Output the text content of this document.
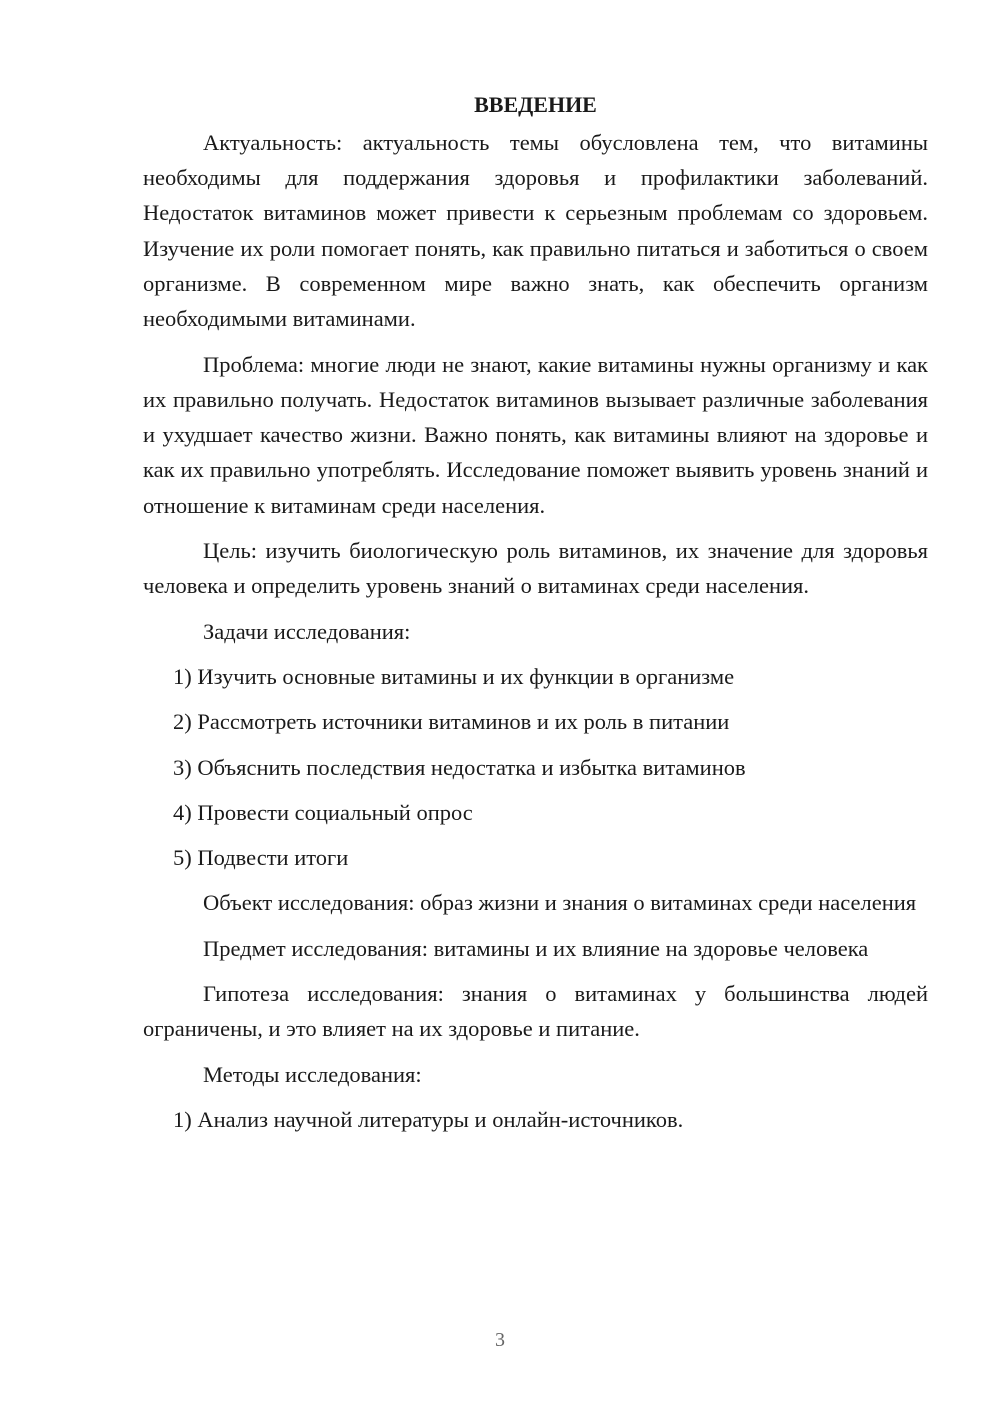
ВВЕДЕНИЕ

Актуальность: актуальность темы обусловлена тем, что витамины необходимы для поддержания здоровья и профилактики заболеваний. Недостаток витаминов может привести к серьезным проблемам со здоровьем. Изучение их роли помогает понять, как правильно питаться и заботиться о своем организме. В современном мире важно знать, как обеспечить организм необходимыми витаминами.

Проблема: многие люди не знают, какие витамины нужны организму и как их правильно получать. Недостаток витаминов вызывает различные заболевания и ухудшает качество жизни. Важно понять, как витамины влияют на здоровье и как их правильно употреблять. Исследование поможет выявить уровень знаний и отношение к витаминам среди населения.

Цель: изучить биологическую роль витаминов, их значение для здоровья человека и определить уровень знаний о витаминах среди населения.

Задачи исследования:
1) Изучить основные витамины и их функции в организме
2) Рассмотреть источники витаминов и их роль в питании
3) Объяснить последствия недостатка и избытка витаминов
4) Провести социальный опрос
5) Подвести итоги

Объект исследования: образ жизни и знания о витаминах среди населения

Предмет исследования: витамины и их влияние на здоровье человека

Гипотеза исследования: знания о витаминах у большинства людей ограничены, и это влияет на их здоровье и питание.

Методы исследования:
1) Анализ научной литературы и онлайн-источников.
3
